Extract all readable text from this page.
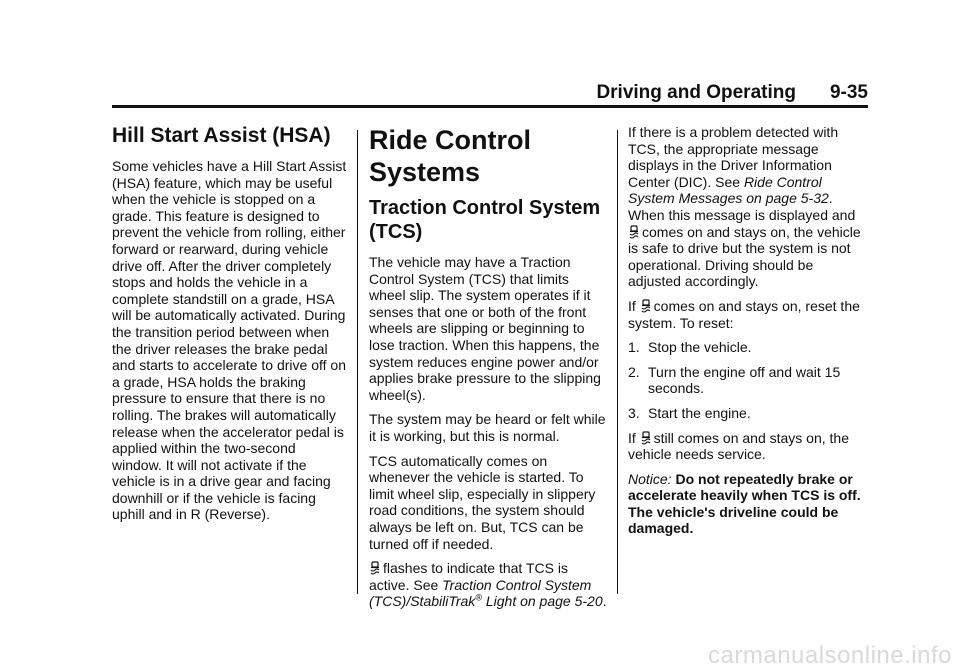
Driving and Operating 9-35
Hill Start Assist (HSA)

Some vehicles have a Hill Start Assist (HSA) feature, which may be useful when the vehicle is stopped on a grade. This feature is designed to prevent the vehicle from rolling, either forward or rearward, during vehicle drive off. After the driver completely stops and holds the vehicle in a complete standstill on a grade, HSA will be automatically activated. During the transition period between when the driver releases the brake pedal and starts to accelerate to drive off on a grade, HSA holds the braking pressure to ensure that there is no rolling. The brakes will automatically release when the accelerator pedal is applied within the two-second window. It will not activate if the vehicle is in a drive gear and facing downhill or if the vehicle is facing uphill and in R (Reverse).

Ride Control Systems
Traction Control System (TCS)

The vehicle may have a Traction Control System (TCS) that limits wheel slip. The system operates if it senses that one or both of the front wheels are slipping or beginning to lose traction. When this happens, the system reduces engine power and/or applies brake pressure to the slipping wheel(s).

The system may be heard or felt while it is working, but this is normal.

TCS automatically comes on whenever the vehicle is started. To limit wheel slip, especially in slippery road conditions, the system should always be left on. But, TCS can be turned off if needed.

flashes to indicate that TCS is active. See Traction Control System (TCS)/StabiliTrak® Light on page 5-20.

If there is a problem detected with TCS, the appropriate message displays in the Driver Information Center (DIC). See Ride Control System Messages on page 5-32. When this message is displayed and comes on and stays on, the vehicle is safe to drive but the system is not operational. Driving should be adjusted accordingly.

If comes on and stays on, reset the system. To reset:

1. Stop the vehicle.
2. Turn the engine off and wait 15 seconds.
3. Start the engine.

If still comes on and stays on, the vehicle needs service.

Notice: Do not repeatedly brake or accelerate heavily when TCS is off. The vehicle's driveline could be damaged.

carmanualsonline.info
